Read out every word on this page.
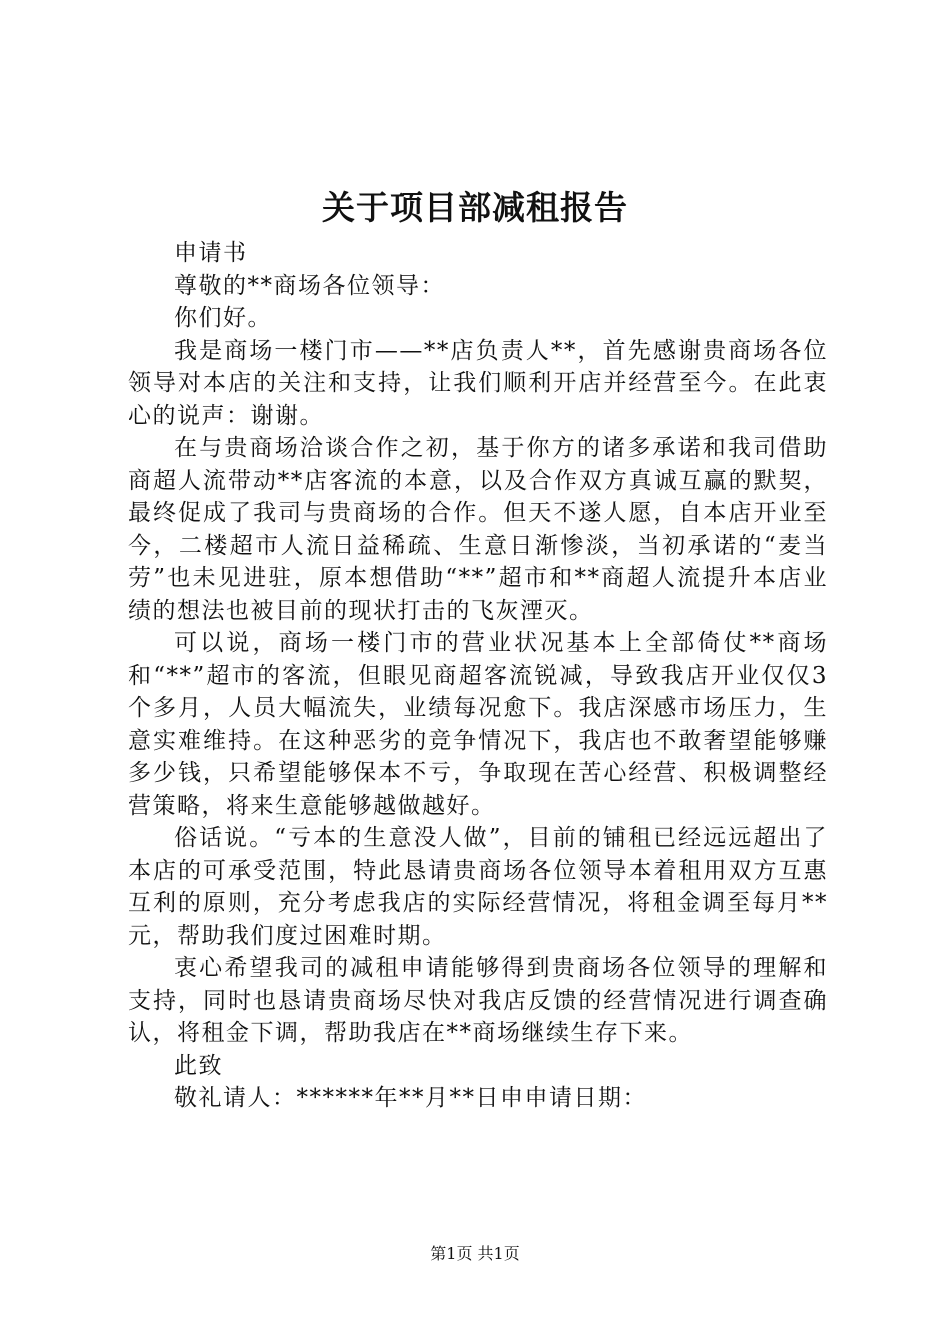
关于项目部减租报告

申请书

尊敬的**商场各位领导：

你们好。

我是商场一楼门市——**店负责人**，首先感谢贵商场各位领导对本店的关注和支持，让我们顺利开店并经营至今。在此衷心的说声：谢谢。

在与贵商场洽谈合作之初，基于你方的诸多承诺和我司借助商超人流带动**店客流的本意，以及合作双方真诚互赢的默契，最终促成了我司与贵商场的合作。但天不遂人愿，自本店开业至今，二楼超市人流日益稀疏、生意日渐惨淡，当初承诺的“麦当劳”也未见进驻，原本想借助“**”超市和**商超人流提升本店业绩的想法也被目前的现状打击的飞灰湮灭。

可以说，商场一楼门市的营业状况基本上全部倚仗**商场和“**”超市的客流，但眼见商超客流锐减，导致我店开业仅仅3个多月，人员大幅流失，业绩每况愈下。我店深感市场压力，生意实难维持。在这种恶劣的竞争情况下，我店也不敢奢望能够赚多少钱，只希望能够保本不亏，争取现在苦心经营、积极调整经营策略，将来生意能够越做越好。

俗话说。“亏本的生意没人做”，目前的铺租已经远远超出了本店的可承受范围，特此恳请贵商场各位领导本着租用双方互惠互利的原则，充分考虑我店的实际经营情况，将租金调至每月**元，帮助我们度过困难时期。

衷心希望我司的减租申请能够得到贵商场各位领导的理解和支持，同时也恳请贵商场尽快对我店反馈的经营情况进行调查确认，将租金下调，帮助我店在**商场继续生存下来。

此致

敬礼请人：******年**月**日申申请日期：

第1页 共1页
